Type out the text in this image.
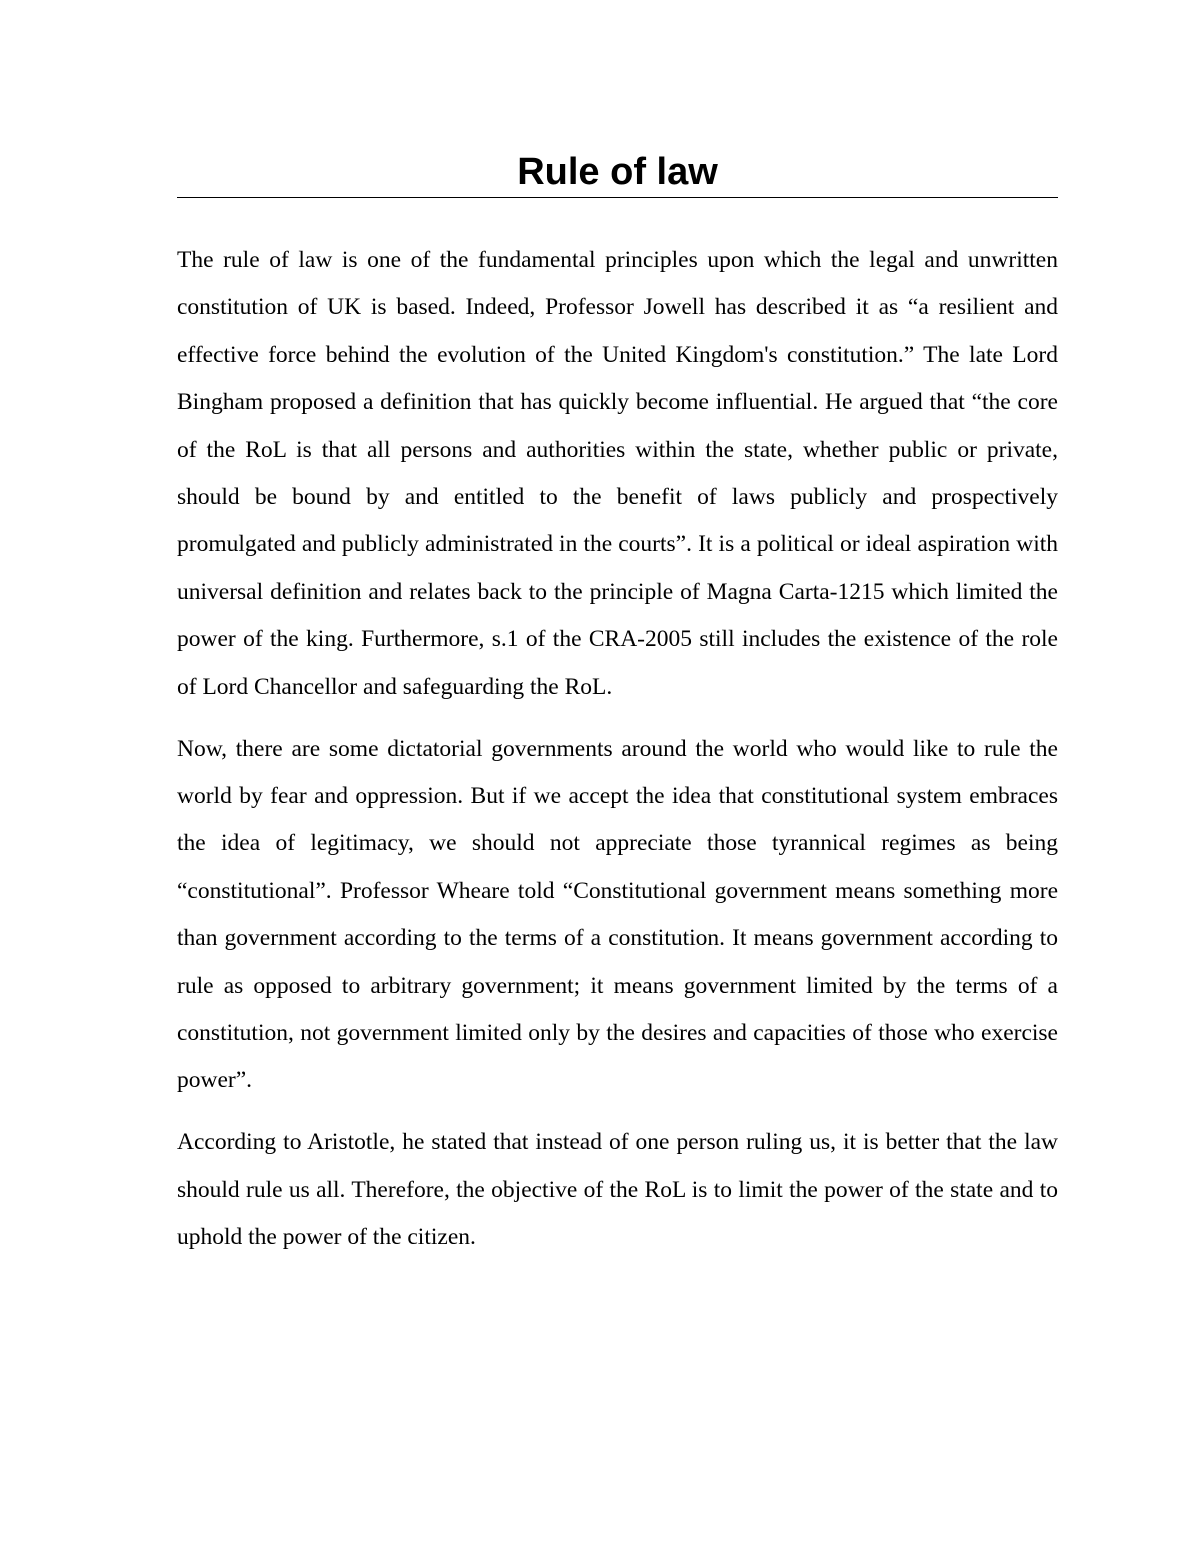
Rule of law

The rule of law is one of the fundamental principles upon which the legal and unwritten constitution of UK is based. Indeed, Professor Jowell has described it as “a resilient and effective force behind the evolution of the United Kingdom's constitution.” The late Lord Bingham proposed a definition that has quickly become influential. He argued that “the core of the RoL is that all persons and authorities within the state, whether public or private, should be bound by and entitled to the benefit of laws publicly and prospectively promulgated and publicly administrated in the courts”. It is a political or ideal aspiration with universal definition and relates back to the principle of Magna Carta-1215 which limited the power of the king. Furthermore, s.1 of the CRA-2005 still includes the existence of the role of Lord Chancellor and safeguarding the RoL.

Now, there are some dictatorial governments around the world who would like to rule the world by fear and oppression. But if we accept the idea that constitutional system embraces the idea of legitimacy, we should not appreciate those tyrannical regimes as being “constitutional”. Professor Wheare told “Constitutional government means something more than government according to the terms of a constitution. It means government according to rule as opposed to arbitrary government; it means government limited by the terms of a constitution, not government limited only by the desires and capacities of those who exercise power”.

According to Aristotle, he stated that instead of one person ruling us, it is better that the law should rule us all. Therefore, the objective of the RoL is to limit the power of the state and to uphold the power of the citizen.
